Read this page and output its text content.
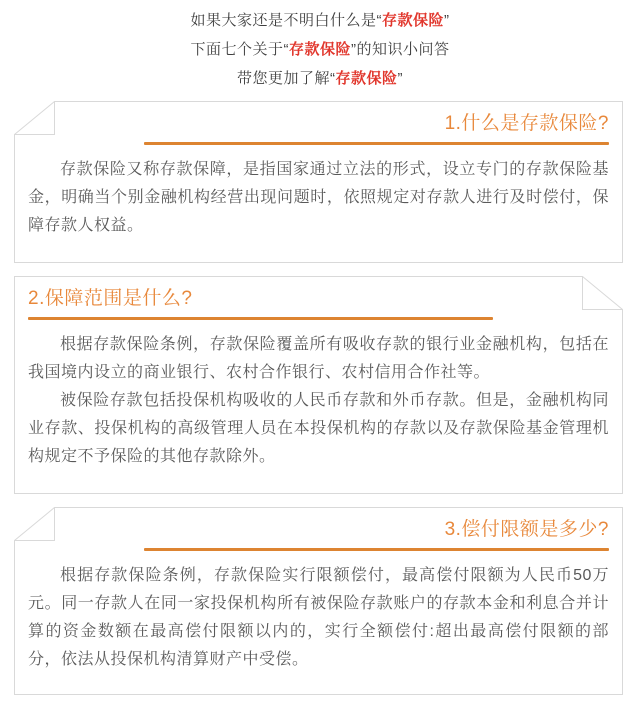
如果大家还是不明白什么是“存款保险”

下面七个关于“存款保险”的知识小问答

带您更加了解“存款保险”

1.什么是存款保险?

存款保险又称存款保障，是指国家通过立法的形式，设立专门的存款保险基金，明确当个别金融机构经营出现问题时，依照规定对存款人进行及时偿付，保障存款人权益。

2.保障范围是什么?

根据存款保险条例，存款保险覆盖所有吸收存款的银行业金融机构，包括在我国境内设立的商业银行、农村合作银行、农村信用合作社等。

被保险存款包括投保机构吸收的人民币存款和外币存款。但是，金融机构同业存款、投保机构的高级管理人员在本投保机构的存款以及存款保险基金管理机构规定不予保险的其他存款除外。

3.偿付限额是多少?

根据存款保险条例，存款保险实行限额偿付，最高偿付限额为人民币50万元。同一存款人在同一家投保机构所有被保险存款账户的存款本金和利息合并计算的资金数额在最高偿付限额以内的，实行全额偿付:超出最高偿付限额的部分，依法从投保机构清算财产中受偿。
